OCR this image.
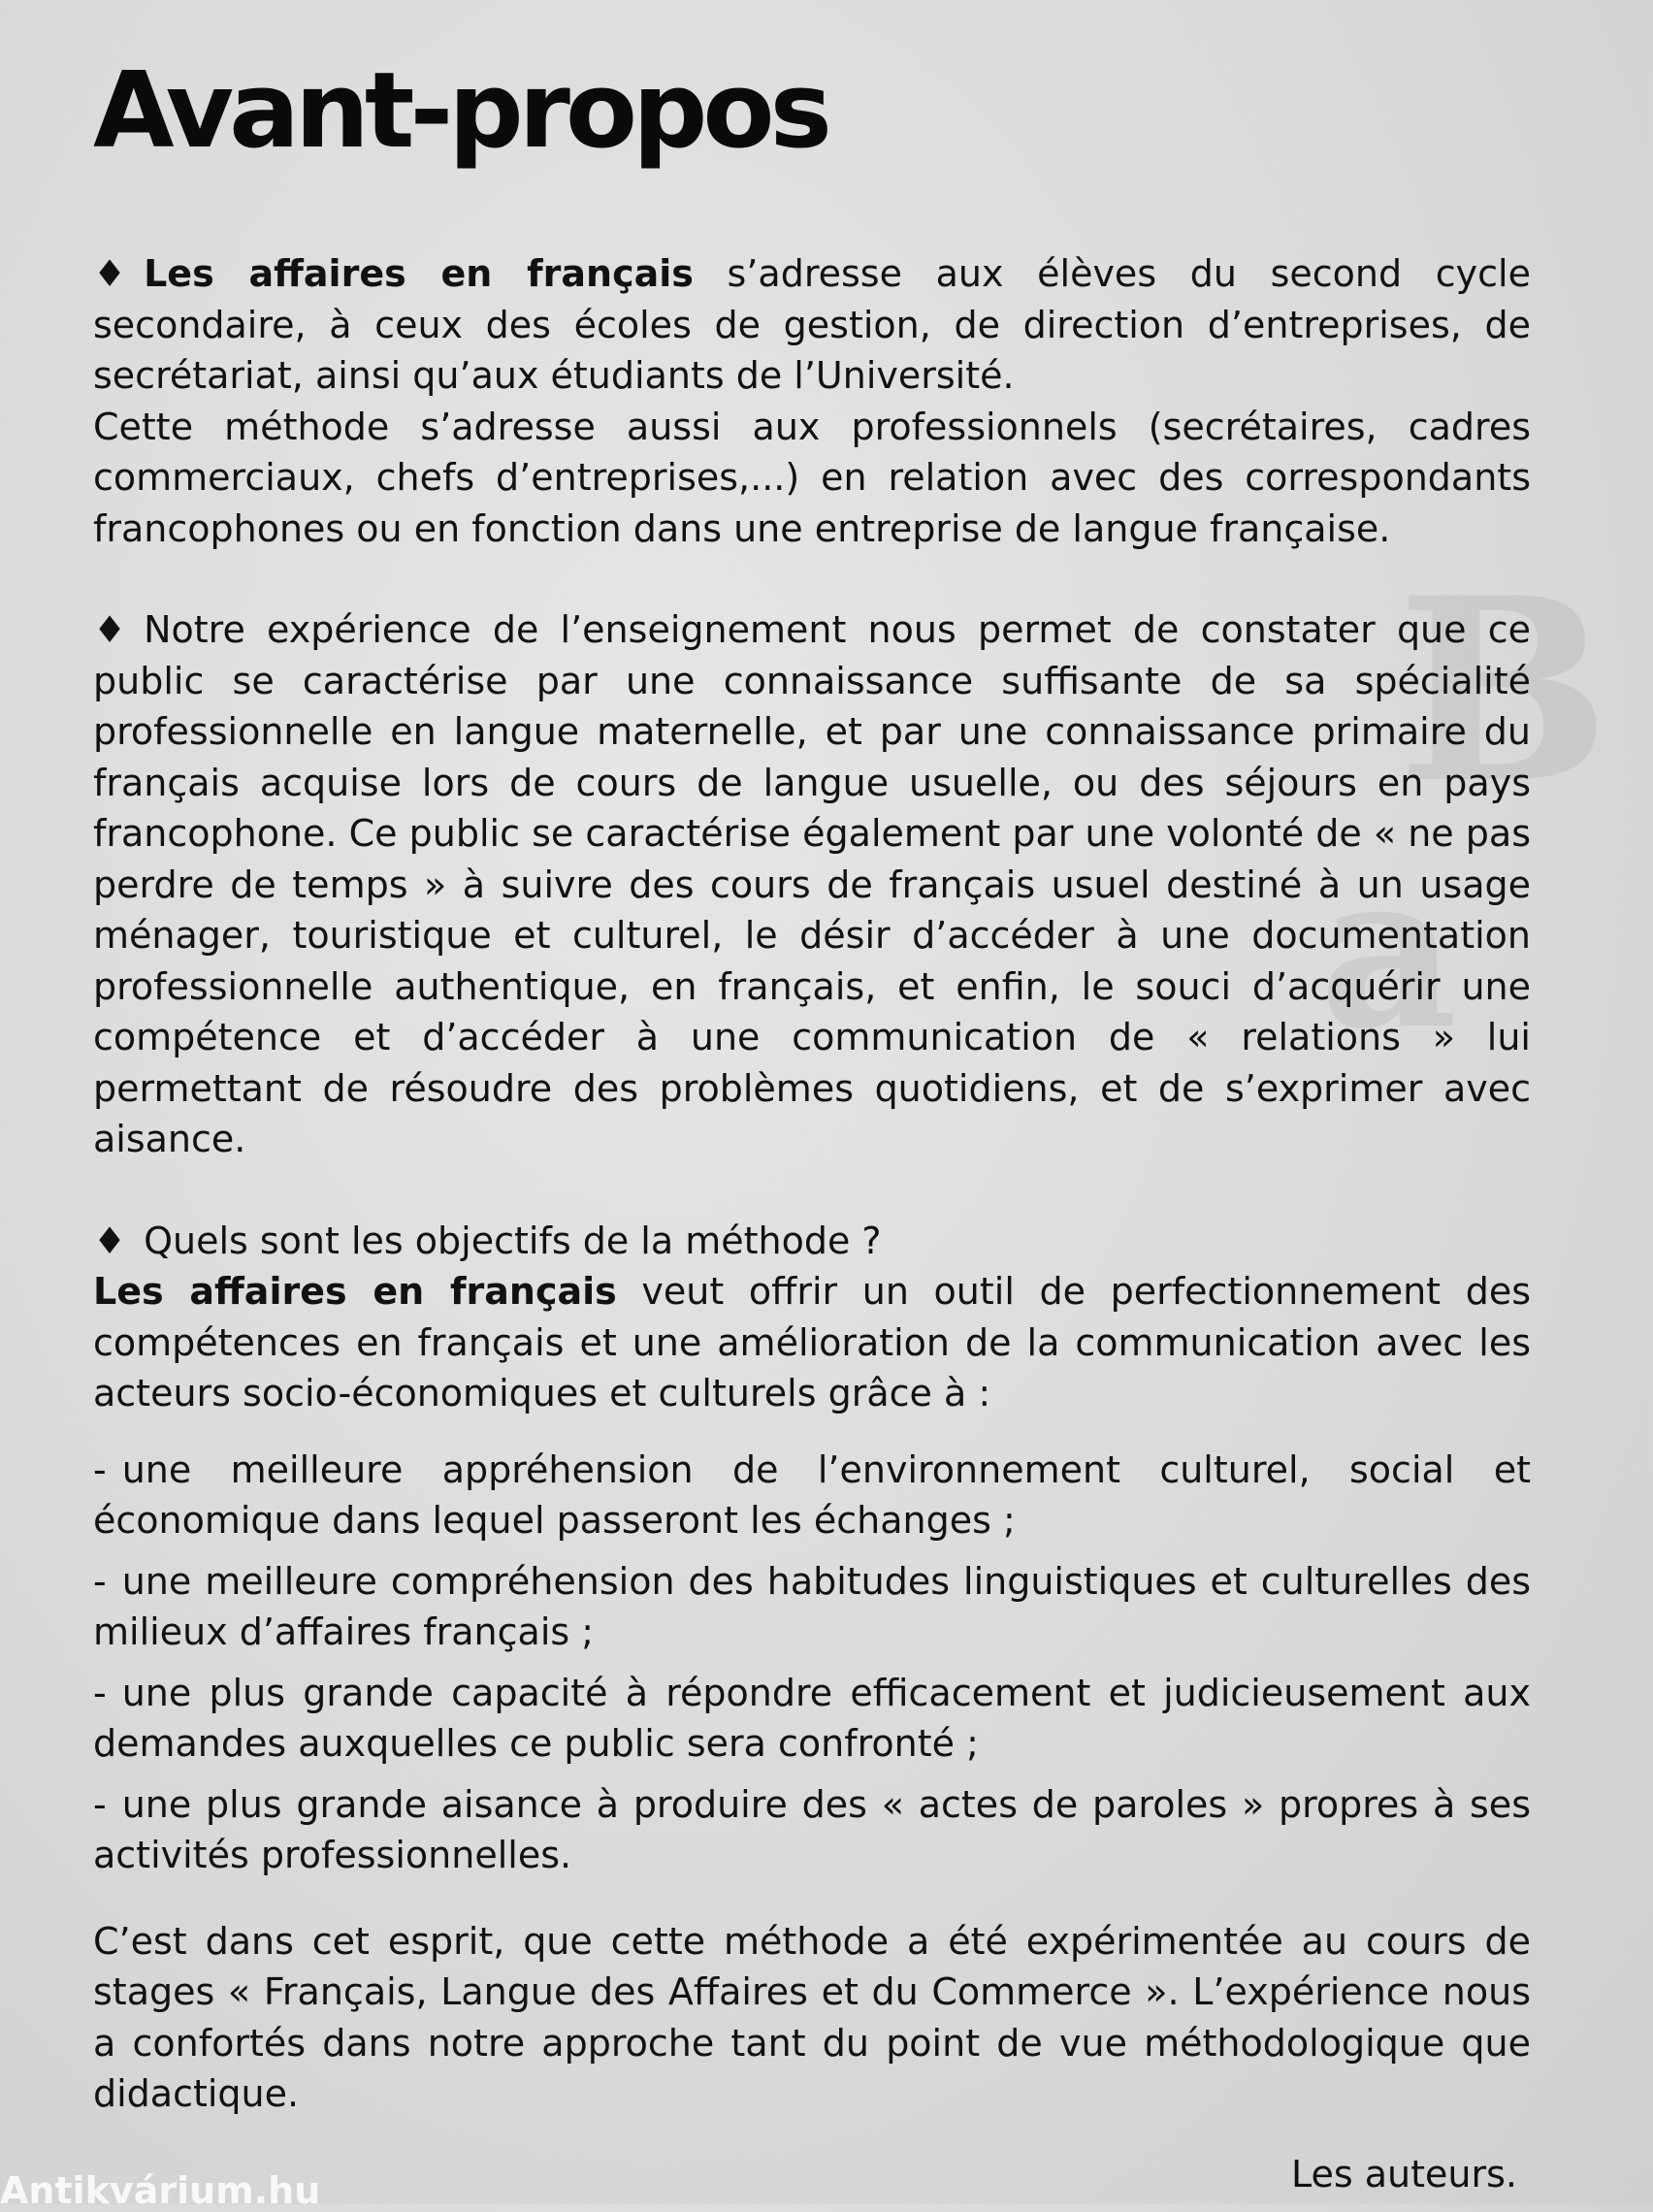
Avant-propos

♦ Les affaires en français s’adresse aux élèves du second cycle secondaire, à ceux des écoles de gestion, de direction d’entreprises, de secrétariat, ainsi qu’aux étudiants de l’Université.

Cette méthode s’adresse aussi aux professionnels (secrétaires, cadres commerciaux, chefs d’entreprises,...) en relation avec des correspondants francophones ou en fonction dans une entreprise de langue française.

♦ Notre expérience de l’enseignement nous permet de constater que ce public se caractérise par une connaissance suffisante de sa spécialité professionnelle en langue maternelle, et par une connaissance primaire du français acquise lors de cours de langue usuelle, ou des séjours en pays francophone. Ce public se caractérise également par une volonté de « ne pas perdre de temps » à suivre des cours de français usuel destiné à un usage ménager, touristique et culturel, le désir d’accéder à une documentation professionnelle authentique, en français, et enfin, le souci d’acquérir une compétence et d’accéder à une communication de « relations » lui permettant de résoudre des problèmes quotidiens, et de s’exprimer avec aisance.

♦ Quels sont les objectifs de la méthode ?

Les affaires en français veut offrir un outil de perfectionnement des compétences en français et une amélioration de la communication avec les acteurs socio-économiques et culturels grâce à :

- une meilleure appréhension de l’environnement culturel, social et économique dans lequel passeront les échanges ;

- une meilleure compréhension des habitudes linguistiques et culturelles des milieux d’affaires français ;

- une plus grande capacité à répondre efficacement et judicieusement aux demandes auxquelles ce public sera confronté ;

- une plus grande aisance à produire des « actes de paroles » propres à ses activités professionnelles.

C’est dans cet esprit, que cette méthode a été expérimentée au cours de stages « Français, Langue des Affaires et du Commerce ». L’expérience nous a confortés dans notre approche tant du point de vue méthodologique que didactique.

Les auteurs.
B
a
Antikvárium.hu
